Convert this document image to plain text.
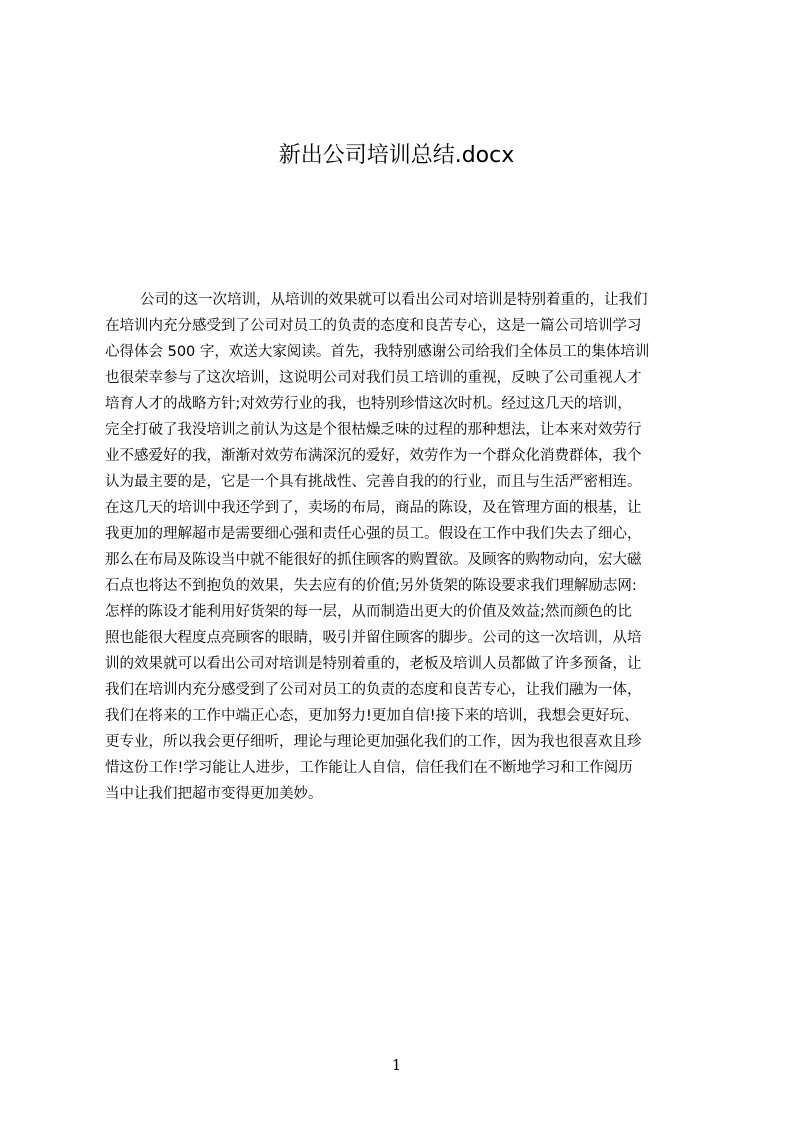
新出公司培训总结.docx
公司的这一次培训，从培训的效果就可以看出公司对培训是特别着重的，让我们
在培训内充分感受到了公司对员工的负责的态度和良苦专心，这是一篇公司培训学习
心得体会 500 字，欢送大家阅读。首先，我特别感谢公司给我们全体员工的集体培训
也很荣幸参与了这次培训，这说明公司对我们员工培训的重视，反映了公司重视人才
培育人才的战略方针;对效劳行业的我，也特别珍惜这次时机。经过这几天的培训，
完全打破了我没培训之前认为这是个很枯燥乏味的过程的那种想法，让本来对效劳行
业不感爱好的我，渐渐对效劳布满深沉的爱好，效劳作为一个群众化消费群体，我个
认为最主要的是，它是一个具有挑战性、完善自我的的行业，而且与生活严密相连。
在这几天的培训中我还学到了，卖场的布局，商品的陈设，及在管理方面的根基，让
我更加的理解超市是需要细心强和责任心强的员工。假设在工作中我们失去了细心，
那么在布局及陈设当中就不能很好的抓住顾客的购置欲。及顾客的购物动向，宏大磁
石点也将达不到抱负的效果，失去应有的价值;另外货架的陈设要求我们理解励志网:
怎样的陈设才能利用好货架的每一层，从而制造出更大的价值及效益;然而颜色的比
照也能很大程度点亮顾客的眼睛，吸引并留住顾客的脚步。公司的这一次培训，从培
训的效果就可以看出公司对培训是特别着重的，老板及培训人员都做了许多预备，让
我们在培训内充分感受到了公司对员工的负责的态度和良苦专心，让我们融为一体，
我们在将来的工作中端正心态，更加努力!更加自信!接下来的培训，我想会更好玩、
更专业，所以我会更仔细听，理论与理论更加强化我们的工作，因为我也很喜欢且珍
惜这份工作!学习能让人进步，工作能让人自信，信任我们在不断地学习和工作阅历
当中让我们把超市变得更加美妙。
1
